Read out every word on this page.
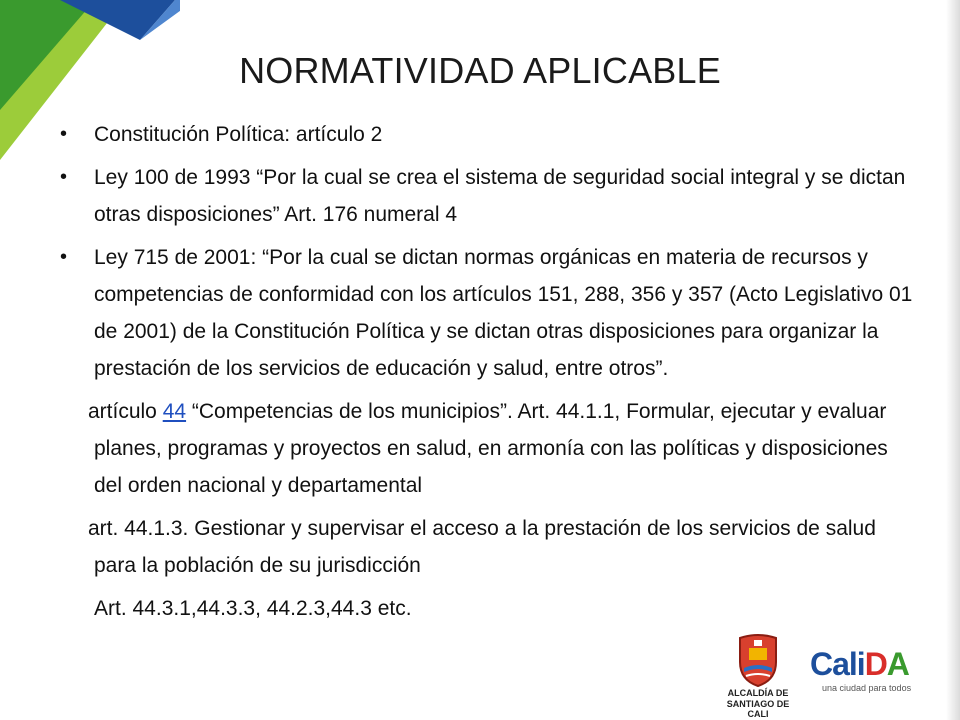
NORMATIVIDAD APLICABLE
• Constitución Política: artículo 2
• Ley 100 de 1993 “Por la cual se crea el sistema de seguridad social integral y se dictan otras disposiciones” Art. 176 numeral 4
• Ley 715 de 2001: “Por la cual se dictan normas orgánicas en materia de recursos y competencias de conformidad con los artículos 151, 288, 356 y 357 (Acto Legislativo 01 de 2001) de la Constitución Política y se dictan otras disposiciones para organizar la prestación de los servicios de educación y salud, entre otros”.
artículo 44 “Competencias de los municipios”. Art. 44.1.1, Formular, ejecutar y evaluar planes, programas y proyectos en salud, en armonía con las políticas y disposiciones del orden nacional y departamental
art. 44.1.3. Gestionar y supervisar el acceso a la prestación de los servicios de salud para la población de su jurisdicción
Art. 44.3.1,44.3.3, 44.2.3,44.3 etc.
ALCALDÍA DE
SANTIAGO DE CALI
CaliDA
una ciudad para todos
